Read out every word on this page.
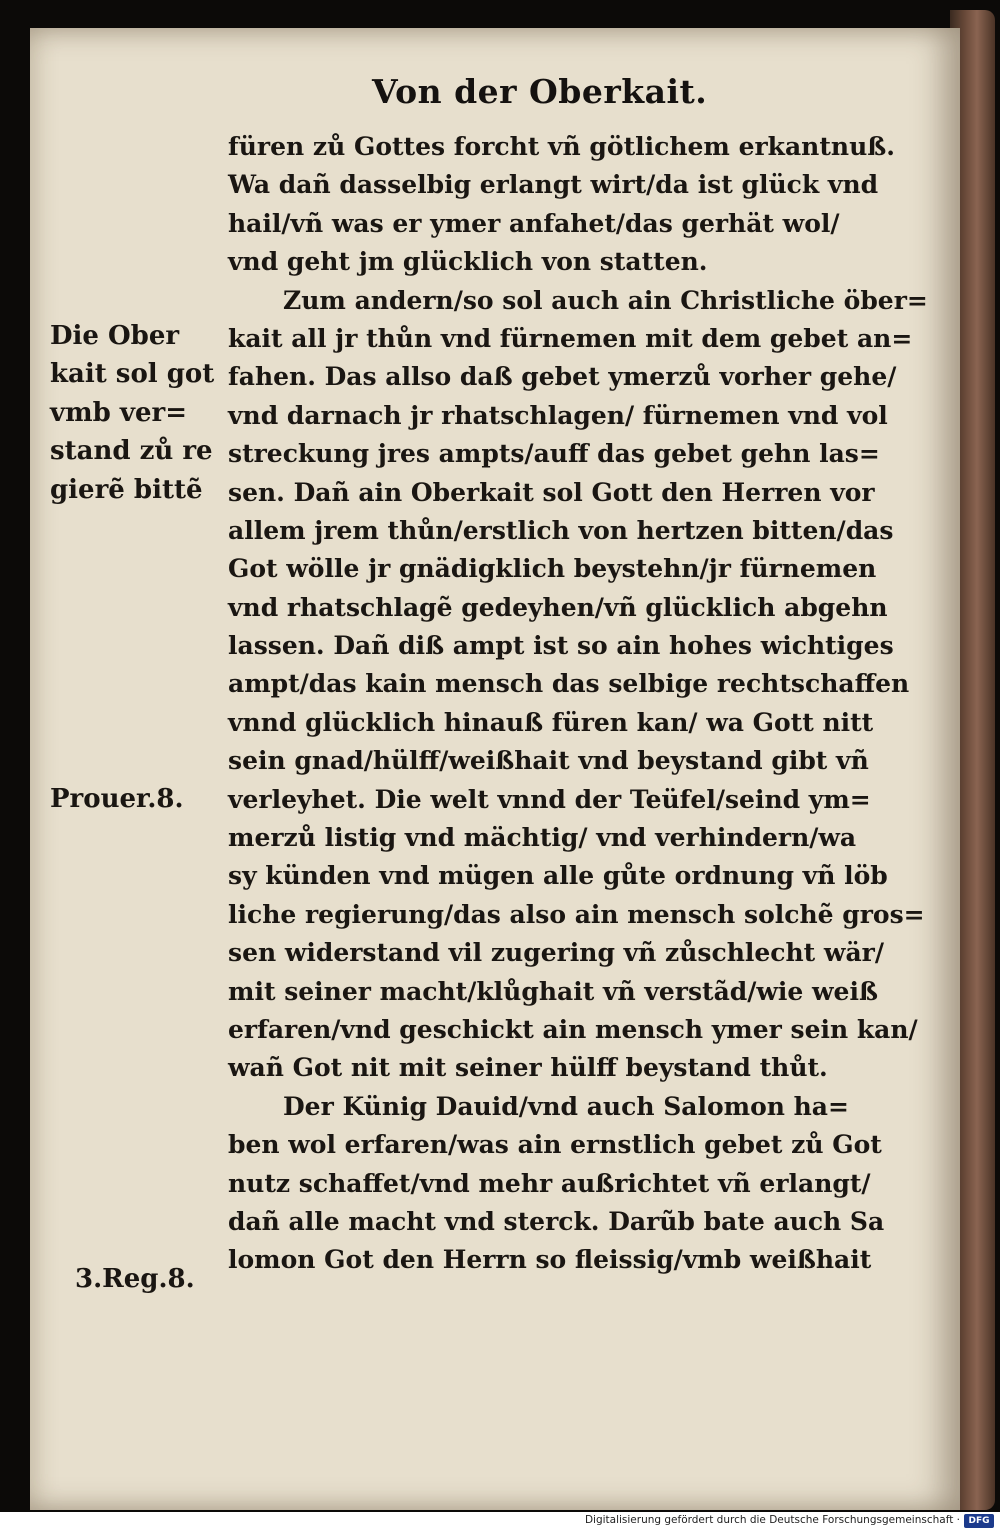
Von der Oberkait.
füren zů Gottes forcht vñ götlichem erkantnuß.
Wa dañ dasselbig erlangt wirt/da ist glück vnd
hail/vñ was er ymer anfahet/das gerhät wol/
vnd geht jm glücklich von statten.
Zum andern/so sol auch ain Christliche öber=
kait all jr thůn vnd fürnemen mit dem gebet an=
fahen. Das allso daß gebet ymerzů vorher gehe/
vnd darnach jr rhatschlagen/ fürnemen vnd vol
streckung jres ampts/auff das gebet gehn las=
sen. Dañ ain Oberkait sol Gott den Herren vor
allem jrem thůn/erstlich von hertzen bitten/das
Got wölle jr gnädigklich beystehn/jr fürnemen
vnd rhatschlagẽ gedeyhen/vñ glücklich abgehn
lassen. Dañ diß ampt ist so ain hohes wichtiges
ampt/das kain mensch das selbige rechtschaffen
vnnd glücklich hinauß füren kan/ wa Gott nitt
sein gnad/hülff/weißhait vnd beystand gibt vñ
verleyhet. Die welt vnnd der Teüfel/seind ym=
merzů listig vnd mächtig/ vnd verhindern/wa
sy künden vnd mügen alle gůte ordnung vñ löb
liche regierung/das also ain mensch solchẽ gros=
sen widerstand vil zugering vñ zůschlecht wär/
mit seiner macht/klůghait vñ verstãd/wie weiß
erfaren/vnd geschickt ain mensch ymer sein kan/
wañ Got nit mit seiner hülff beystand thůt.
Der Künig Dauid/vnd auch Salomon ha=
ben wol erfaren/was ain ernstlich gebet zů Got
nutz schaffet/vnd mehr außrichtet vñ erlangt/
dañ alle macht vnd sterck. Darũb bate auch Sa
lomon Got den Herrn so fleissig/vmb weißhait
Die Ober
kait sol got
vmb ver=
stand zů re
gierẽ bittẽ
Prouer.8.
3.Reg.8.
Digitalisierung gefördert durch die Deutsche Forschungsgemeinschaft · DFG
